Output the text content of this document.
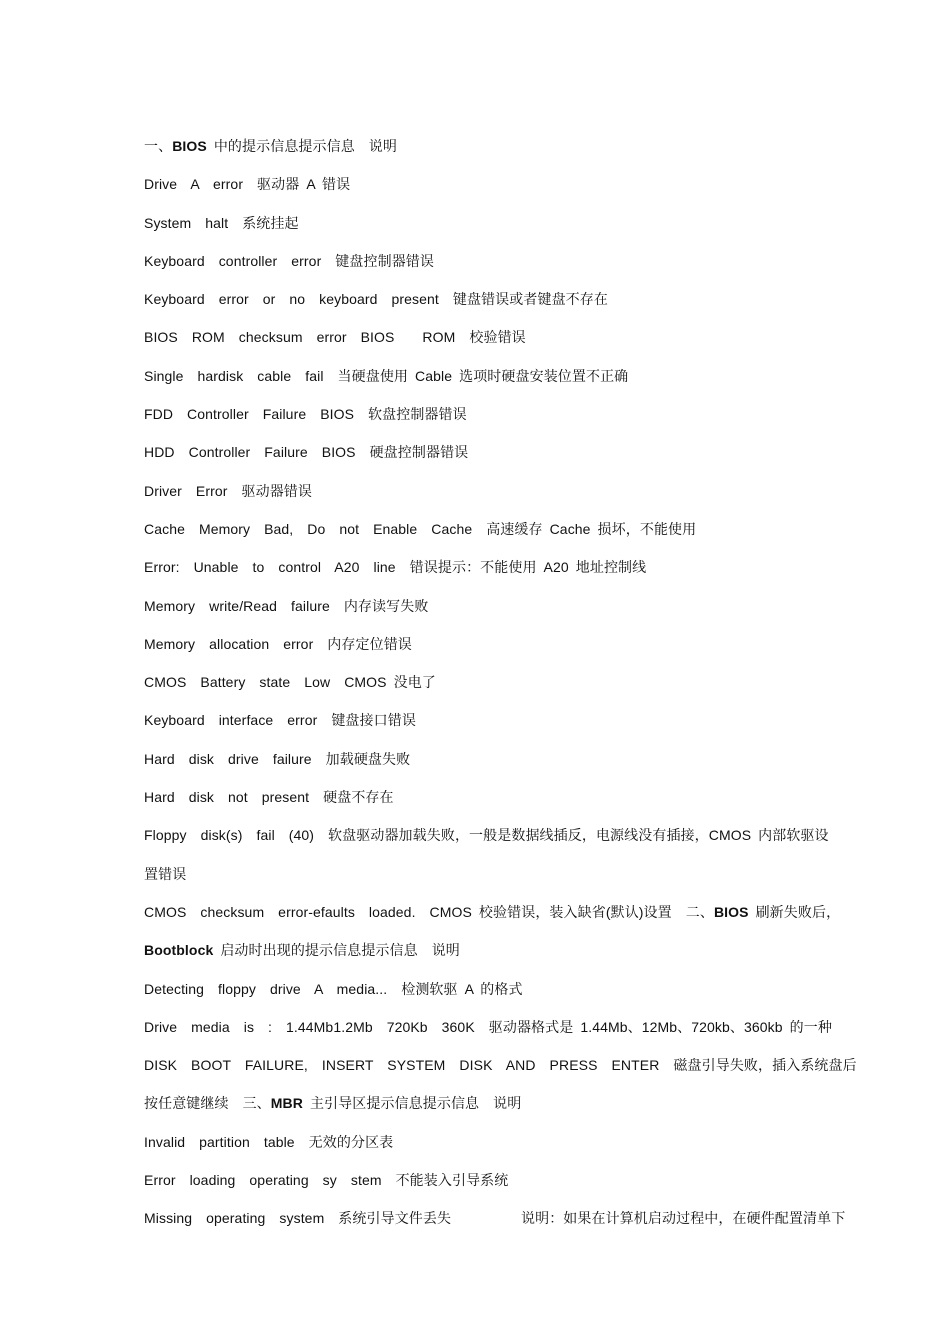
一、BIOS 中的提示信息提示信息  说明
Drive  A  error  驱动器 A 错误
System  halt  系统挂起
Keyboard  controller  error  键盘控制器错误
Keyboard  error  or  no  keyboard  present  键盘错误或者键盘不存在
BIOS  ROM  checksum  error  BIOS    ROM  校验错误
Single  hardisk  cable  fail  当硬盘使用 Cable 选项时硬盘安装位置不正确
FDD  Controller  Failure  BIOS  软盘控制器错误
HDD  Controller  Failure  BIOS  硬盘控制器错误
Driver  Error  驱动器错误
Cache  Memory  Bad,  Do  not  Enable  Cache  高速缓存 Cache 损坏，不能使用
Error:  Unable  to  control  A20  line  错误提示：不能使用 A20 地址控制线
Memory  write/Read  failure  内存读写失败
Memory  allocation  error  内存定位错误
CMOS  Battery  state  Low  CMOS 没电了
Keyboard  interface  error  键盘接口错误
Hard  disk  drive  failure  加载硬盘失败
Hard  disk  not  present  硬盘不存在
Floppy  disk(s)  fail  (40)  软盘驱动器加载失败，一般是数据线插反，电源线没有插接，CMOS 内部软驱设
置错误
CMOS  checksum  error-efaults  loaded.  CMOS 校验错误，装入缺省(默认)设置  二、BIOS 刷新失败后，
Bootblock 启动时出现的提示信息提示信息  说明
Detecting  floppy  drive  A  media...  检测软驱 A 的格式
Drive  media  is  :  1.44Mb1.2Mb  720Kb  360K  驱动器格式是 1.44Mb、12Mb、720kb、360kb 的一种
DISK  BOOT  FAILURE,  INSERT  SYSTEM  DISK  AND  PRESS  ENTER  磁盘引导失败，插入系统盘后
按任意键继续  三、MBR 主引导区提示信息提示信息  说明
Invalid  partition  table  无效的分区表
Error  loading  operating  sy  stem  不能装入引导系统
Missing  operating  system  系统引导文件丢失          说明：如果在计算机启动过程中，在硬件配置清单下
